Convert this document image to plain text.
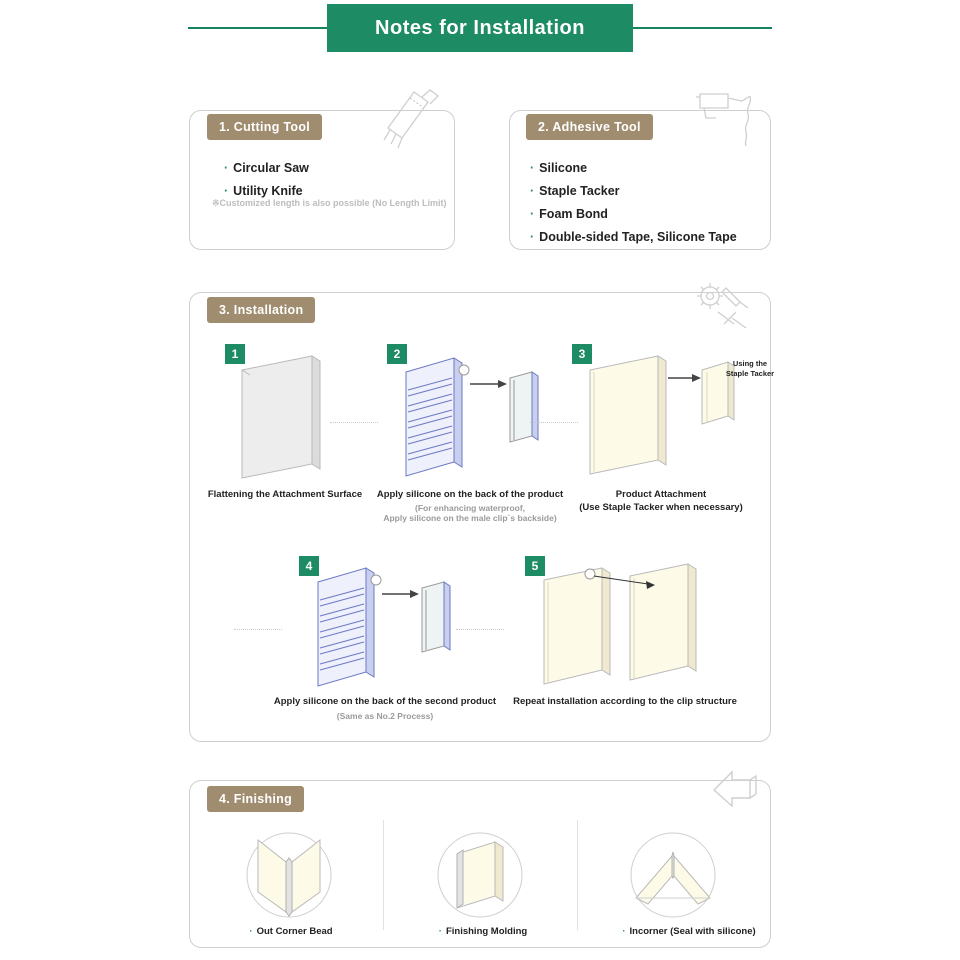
Notes for Installation
1. Cutting Tool
· Circular Saw
· Utility Knife
※Customized length is also possible (No Length Limit)
2. Adhesive Tool
· Silicone
· Staple Tacker
· Foam Bond
· Double-sided Tape, Silicone Tape
3. Installation
1
Flattening the Attachment Surface
2
Apply silicone on the back of the product
(For enhancing waterproof,
Apply silicone on the male clip`s backside)
3
Using the
Staple Tacker
Product Attachment
(Use Staple Tacker when necessary)
4
Apply silicone on the back of the second product
(Same as No.2 Process)
5
Repeat installation according to the clip structure
4. Finishing
· Out Corner Bead	· Finishing Molding	· Incorner (Seal with silicone)
